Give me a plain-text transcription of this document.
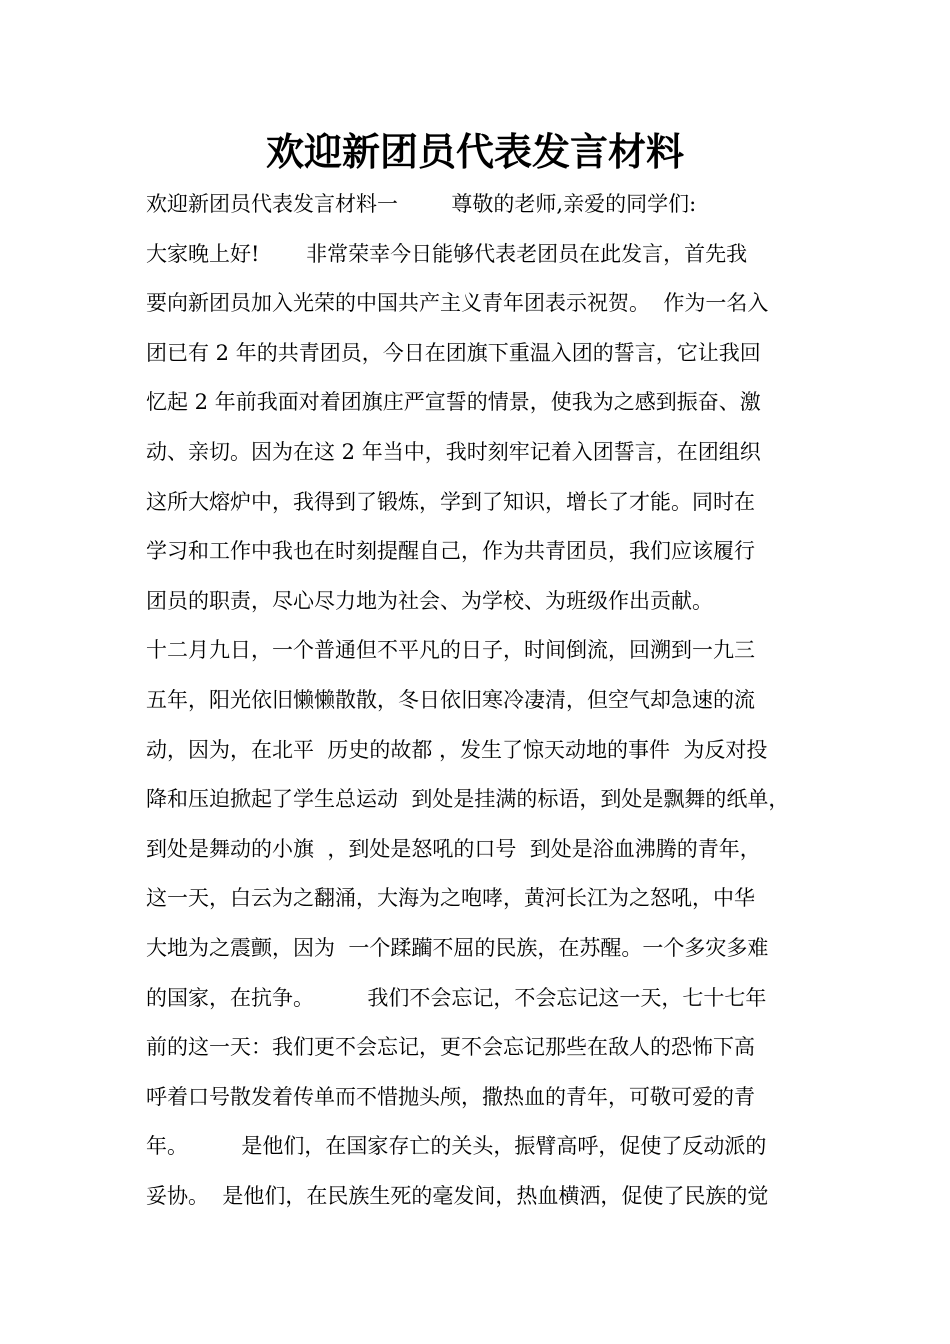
欢迎新团员代表发言材料
欢迎新团员代表发言材料一        尊敬的老师,亲爱的同学们:
大家晚上好!       非常荣幸今日能够代表老团员在此发言，首先我
要向新团员加入光荣的中国共产主义青年团表示祝贺。  作为一名入
团已有 2 年的共青团员，今日在团旗下重温入团的誓言，它让我回
忆起 2 年前我面对着团旗庄严宣誓的情景，使我为之感到振奋、激
动、亲切。因为在这 2 年当中，我时刻牢记着入团誓言，在团组织
这所大熔炉中，我得到了锻炼，学到了知识，增长了才能。同时在
学习和工作中我也在时刻提醒自己，作为共青团员，我们应该履行
团员的职责，尽心尽力地为社会、为学校、为班级作出贡献。
十二月九日，一个普通但不平凡的日子，时间倒流，回溯到一九三
五年，阳光依旧懒懒散散，冬日依旧寒冷凄清，但空气却急速的流
动，因为，在北平  历史的故都 ，发生了惊天动地的事件  为反对投
降和压迫掀起了学生总运动  到处是挂满的标语，到处是飘舞的纸单，
到处是舞动的小旗  ，到处是怒吼的口号  到处是浴血沸腾的青年，
这一天，白云为之翻涌，大海为之咆哮，黄河长江为之怒吼，中华
大地为之震颤，因为  一个蹂躏不屈的民族，在苏醒。一个多灾多难
的国家，在抗争。        我们不会忘记，不会忘记这一天，七十七年
前的这一天：我们更不会忘记，更不会忘记那些在敌人的恐怖下高
呼着口号散发着传单而不惜抛头颅，撒热血的青年，可敬可爱的青
年。        是他们，在国家存亡的关头，振臂高呼，促使了反动派的
妥协。  是他们，在民族生死的毫发间，热血横洒，促使了民族的觉
